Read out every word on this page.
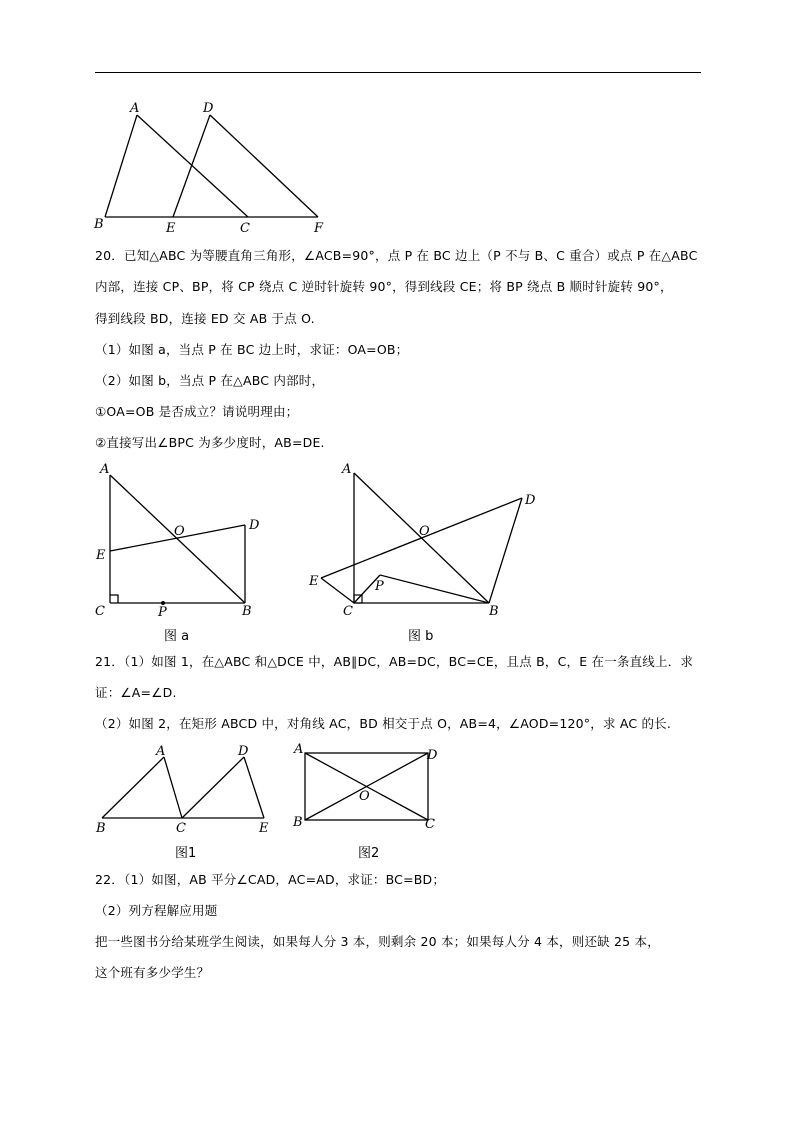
A	D
B	E	C	F
20．已知△ABC 为等腰直角三角形，∠ACB=90°，点 P 在 BC 边上（P 不与 B、C 重合）或点 P 在△ABC
内部，连接 CP、BP，将 CP 绕点 C 逆时针旋转 90°，得到线段 CE；将 BP 绕点 B 顺时针旋转 90°，
得到线段 BD，连接 ED 交 AB 于点 O.
（1）如图 a，当点 P 在 BC 边上时，求证：OA=OB；
（2）如图 b，当点 P 在△ABC 内部时，
①OA=OB 是否成立？请说明理由；
②直接写出∠BPC 为多少度时，AB=DE.
A
O	D
E
C	P	B
图 a
A
D
O
E	P
C	B
图 b
21．（1）如图 1，在△ABC 和△DCE 中，AB∥DC，AB=DC，BC=CE，且点 B，C，E 在一条直线上．求
证：∠A=∠D.
（2）如图 2，在矩形 ABCD 中，对角线 AC，BD 相交于点 O，AB=4，∠AOD=120°，求 AC 的长.
A	D
B	C	E
图1
A	D
O
B	C
图2
22．（1）如图，AB 平分∠CAD，AC=AD，求证：BC=BD；
（2）列方程解应用题
把一些图书分给某班学生阅读，如果每人分 3 本，则剩余 20 本；如果每人分 4 本，则还缺 25 本，
这个班有多少学生？
